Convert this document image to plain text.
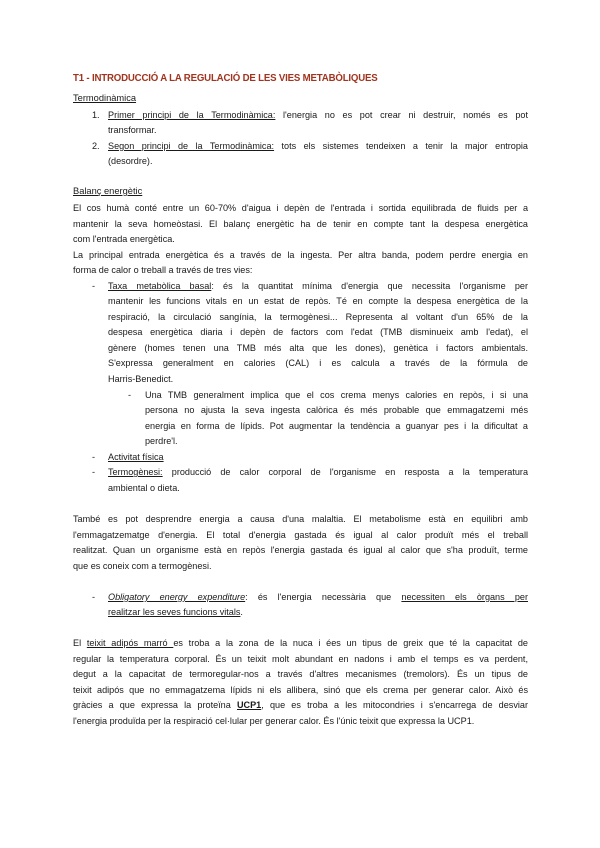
T1 - INTRODUCCIÓ A LA REGULACIÓ DE LES VIES METABÒLIQUES
Termodinàmica
1. Primer principi de la Termodinàmica: l'energia no es pot crear ni destruir, només es pot
transformar.
2. Segon principi de la Termodinàmica: tots els sistemes tendeixen a tenir la major entropia
(desordre).
Balanç energètic
El cos humà conté entre un 60-70% d'aigua i depèn de l'entrada i sortida equilibrada de fluids per a
mantenir la seva homeòstasi. El balanç energètic ha de tenir en compte tant la despesa energètica
com l'entrada energètica.
La principal entrada energètica és a través de la ingesta. Per altra banda, podem perdre energia en
forma de calor o treball a través de tres vies:
- Taxa metabòlica basal: és la quantitat mínima d'energia que necessita l'organisme per
mantenir les funcions vitals en un estat de repòs. Té en compte la despesa energètica de la
respiració, la circulació sangínia, la termogènesi... Representa al voltant d'un 65% de la
despesa energètica diaria i depèn de factors com l'edat (TMB disminueix amb l'edat), el
gènere (homes tenen una TMB més alta que les dones), genètica i factors ambientals.
S'expressa generalment en calories (CAL) i es calcula a través de la fórmula de
Harris-Benedict.
- Una TMB generalment implica que el cos crema menys calories en repòs, i si una
persona no ajusta la seva ingesta calòrica és més probable que emmagatzemi més
energia en forma de lípids. Pot augmentar la tendència a guanyar pes i la dificultat a
perdre'l.
- Activitat física
- Termogènesi: producció de calor corporal de l'organisme en resposta a la temperatura
ambiental o dieta.
També es pot desprendre energia a causa d'una malaltia. El metabolisme està en equilibri amb
l'emmagatzematge d'energia. El total d'energia gastada és igual al calor produït més el treball
realitzat. Quan un organisme està en repòs l'energia gastada és igual al calor que s'ha produït, terme
que es coneix com a termogènesi.
- Obligatory energy expenditure: és l'energia necessària que necessiten els òrgans per
realitzar les seves funcions vitals.
El teixit adipós marró es troba a la zona de la nuca i ées un tipus de greix que té la capacitat de
regular la temperatura corporal. És un teixit molt abundant en nadons i amb el temps es va perdent,
degut a la capacitat de termoregular-nos a través d'altres mecanismes (tremolors). És un tipus de
teixit adipós que no emmagatzema lípids ni els allibera, sinó que els crema per generar calor. Això és
gràcies a que expressa la proteïna UCP1, que es troba a les mitocondries i s'encarrega de desviar
l'energia produïda per la respiració cel·lular per generar calor. És l'únic teixit que expressa la UCP1.
